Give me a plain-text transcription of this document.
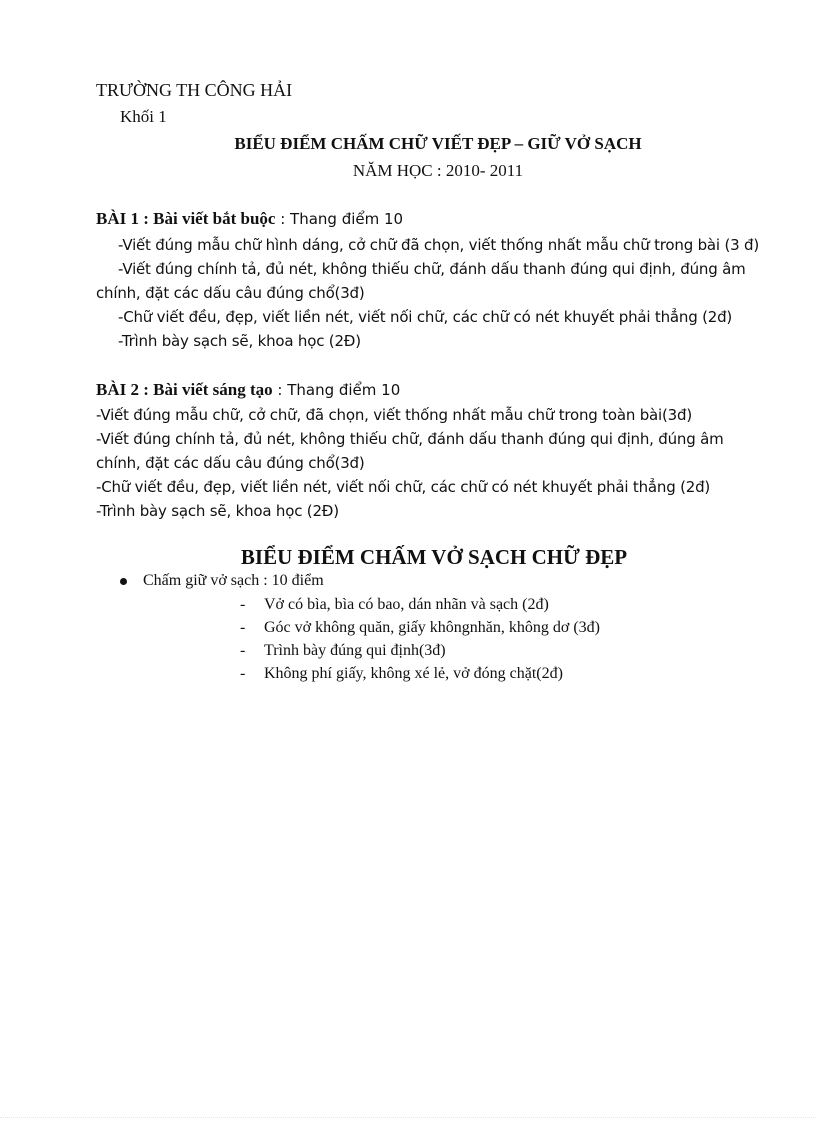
TRƯỜNG TH CÔNG HẢI
Khối 1
BIỂU ĐIỂM CHẤM CHỮ VIẾT ĐẸP – GIỮ VỞ SẠCH
NĂM HỌC : 2010- 2011
BÀI 1 : Bài viết bắt buộc : Thang điểm 10
-Viết đúng mẫu chữ hình dáng, cở chữ đã chọn, viết thống nhất mẫu chữ trong bài (3 đ)
-Viết đúng chính tả, đủ nét, không thiếu chữ, đánh dấu thanh đúng qui định, đúng âm
chính, đặt các dấu câu đúng chổ(3đ)
-Chữ viết đều, đẹp, viết liền nét, viết nối chữ, các chữ có nét khuyết phải thẳng (2đ)
-Trình bày sạch sẽ, khoa học (2Đ)
BÀI 2 : Bài viết sáng tạo : Thang điểm 10
-Viết đúng mẫu chữ, cở chữ, đã chọn, viết thống nhất mẫu chữ trong toàn bài(3đ)
-Viết đúng chính tả, đủ nét, không thiếu chữ, đánh dấu thanh đúng qui định, đúng âm
chính, đặt các dấu câu đúng chổ(3đ)
-Chữ viết đều, đẹp, viết liền nét, viết nối chữ, các chữ có nét khuyết phải thẳng (2đ)
-Trình bày sạch sẽ, khoa học (2Đ)
BIỂU ĐIỂM CHẤM VỞ SẠCH CHỮ ĐẸP
Chấm giữ vở sạch : 10 điểm
- Vở có bìa, bìa có bao, dán nhãn và sạch (2đ)
- Góc vở không quăn, giấy khôngnhăn, không dơ (3đ)
- Trình bày đúng qui định(3đ)
- Không phí giấy, không xé lẻ, vở đóng chặt(2đ)
